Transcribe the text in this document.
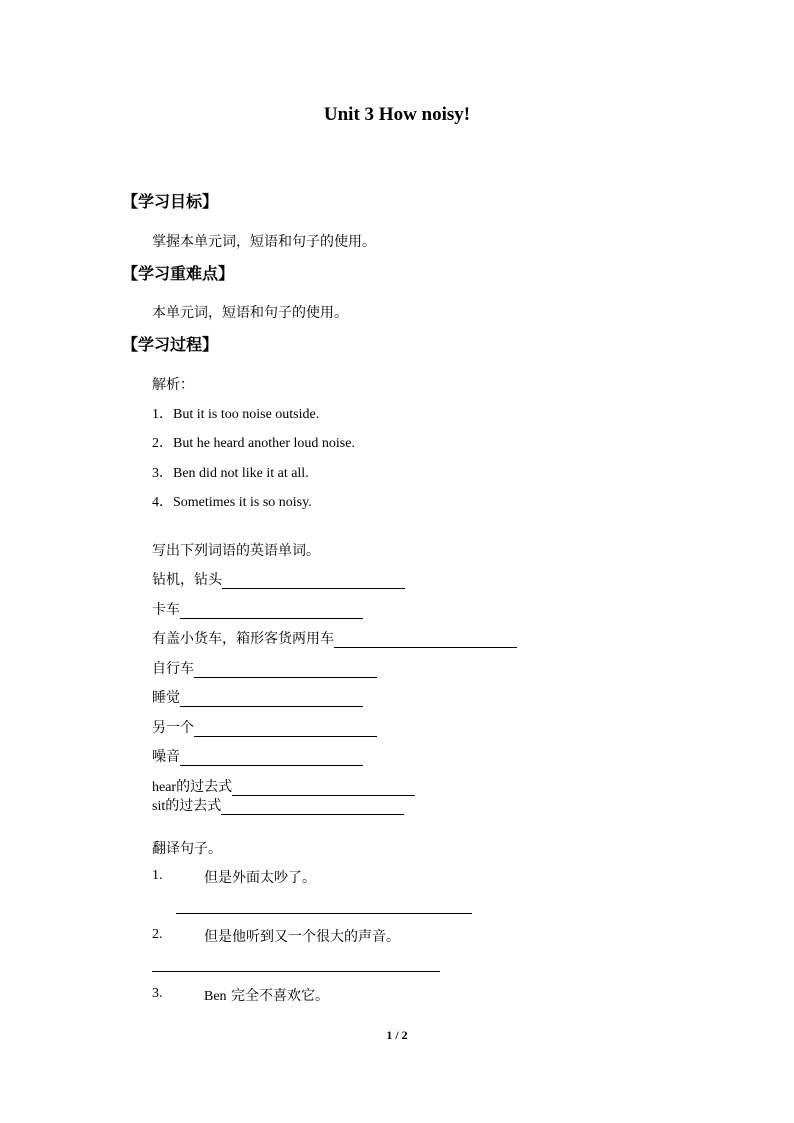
Unit 3 How noisy!
【学习目标】
掌握本单元词，短语和句子的使用。
【学习重难点】
本单元词，短语和句子的使用。
【学习过程】
解析：
1．But it is too noise outside.
2．But he heard another loud noise.
3．Ben did not like it at all.
4．Sometimes it is so noisy.
写出下列词语的英语单词。
钻机，钻头
卡车
有盖小货车，箱形客货两用车
自行车
睡觉
另一个
噪音
hear 的过去式
sit 的过去式
翻译句子。
1.	但是外面太吵了。
2.	但是他听到又一个很大的声音。
3.	Ben 完全不喜欢它。
1 / 2
